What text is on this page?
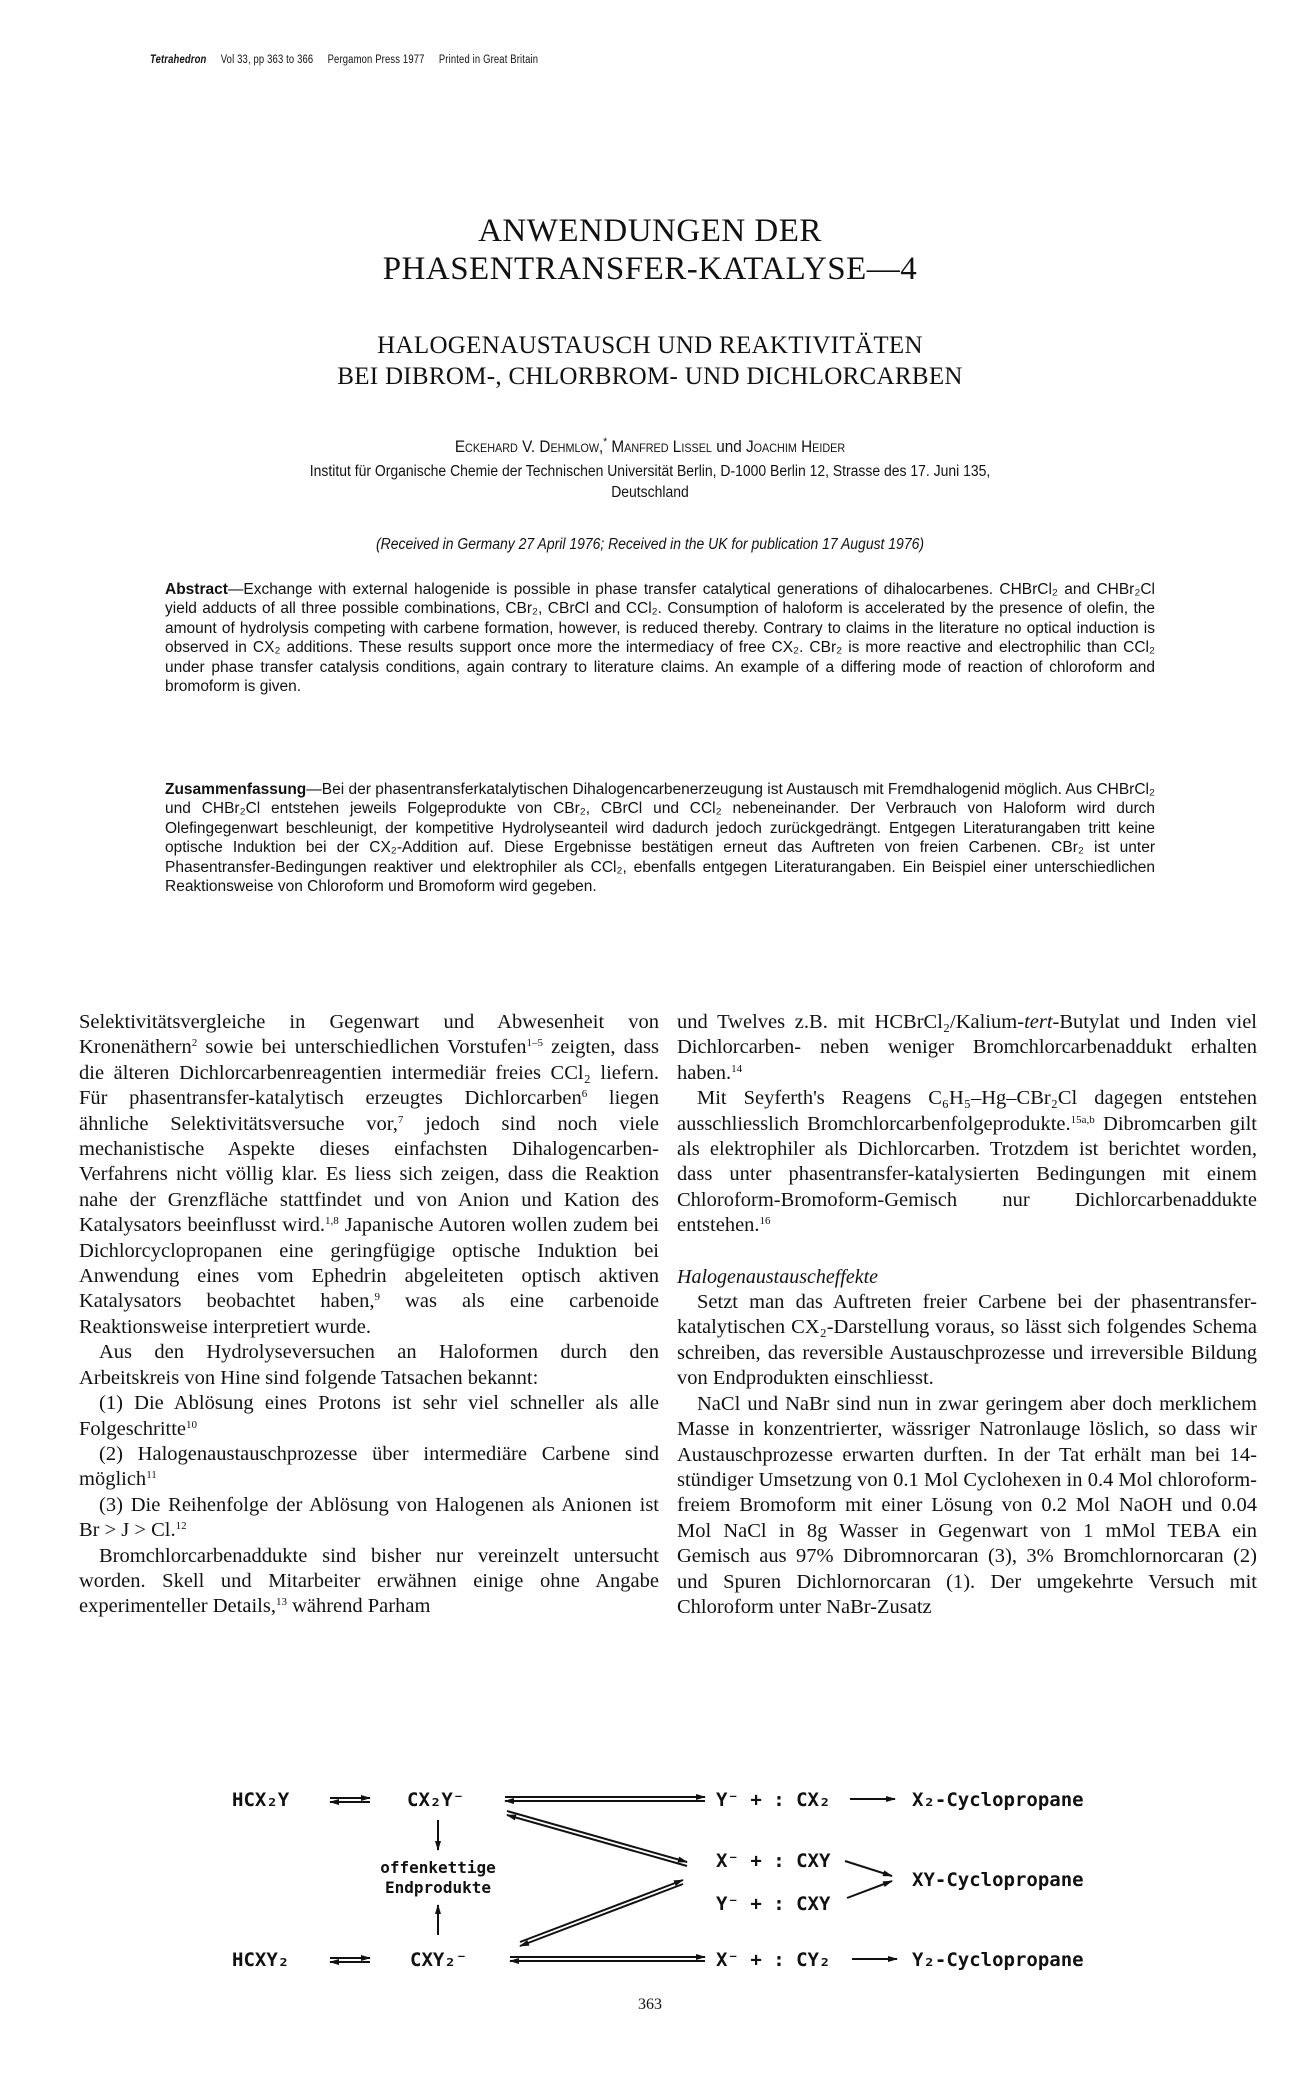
Tetrahedron Vol 33, pp 363 to 366 Pergamon Press 1977 Printed in Great Britain
ANWENDUNGEN DER
PHASENTRANSFER-KATALYSE—4
HALOGENAUSTAUSCH UND REAKTIVITÄTEN
BEI DIBROM-, CHLORBROM- UND DICHLORCARBEN
Eckehard V. Dehmlow,* Manfred Lissel und Joachim Heider
Institut für Organische Chemie der Technischen Universität Berlin, D-1000 Berlin 12, Strasse des 17. Juni 135,
Deutschland
(Received in Germany 27 April 1976; Received in the UK for publication 17 August 1976)
Abstract—Exchange with external halogenide is possible in phase transfer catalytical generations of dihalocarbenes. CHBrCl₂ and CHBr₂Cl yield adducts of all three possible combinations, CBr₂, CBrCl and CCl₂. Consumption of haloform is accelerated by the presence of olefin, the amount of hydrolysis competing with carbene formation, however, is reduced thereby. Contrary to claims in the literature no optical induction is observed in CX₂ additions. These results support once more the intermediacy of free CX₂. CBr₂ is more reactive and electrophilic than CCl₂ under phase transfer catalysis conditions, again contrary to literature claims. An example of a differing mode of reaction of chloroform and bromoform is given.
Zusammenfassung—Bei der phasentransferkatalytischen Dihalogencarbenerzeugung ist Austausch mit Fremdhalogenid möglich. Aus CHBrCl₂ und CHBr₂Cl entstehen jeweils Folgeprodukte von CBr₂, CBrCl und CCl₂ nebeneinander. Der Verbrauch von Haloform wird durch Olefingegenwart beschleunigt, der kompetitive Hydrolyseanteil wird dadurch jedoch zurückgedrängt. Entgegen Literaturangaben tritt keine optische Induktion bei der CX₂-Addition auf. Diese Ergebnisse bestätigen erneut das Auftreten von freien Carbenen. CBr₂ ist unter Phasentransfer-Bedingungen reaktiver und elektrophiler als CCl₂, ebenfalls entgegen Literaturangaben. Ein Beispiel einer unterschiedlichen Reaktionsweise von Chloroform und Bromoform wird gegeben.

Selektivitätsvergleiche in Gegenwart und Abwesenheit von Kronenäthern$^2$ sowie bei unterschiedlichen Vorstufen$^{1-5}$ zeigten, dass die älteren Dichlorcarbenreagentien intermediär freies CCl₂ liefern. Für phasentransfer-katalytisch erzeugtes Dichlorcarben$^6$ liegen ähnliche Selektivitätsversuche vor,$^7$ jedoch sind noch viele mechanistische Aspekte dieses einfachsten Dihalogencarben-Verfahrens nicht völlig klar. Es liess sich zeigen, dass die Reaktion nahe der Grenzfläche stattfindet und von Anion und Kation des Katalysators beeinflusst wird.$^{1,8}$ Japanische Autoren wollen zudem bei Dichlorcyclopropanen eine geringfügige optische Induktion bei Anwendung eines vom Ephedrin abgeleiteten optisch aktiven Katalysators beobachtet haben,$^9$ was als eine carbenoide Reaktionsweise interpretiert wurde.

Aus den Hydrolyseversuchen an Haloformen durch den Arbeitskreis von Hine sind folgende Tatsachen bekannt:

(1) Die Ablösung eines Protons ist sehr viel schneller als alle Folgeschritte$^{10}$

(2) Halogenaustauschprozesse über intermediäre Carbene sind möglich$^{11}$

(3) Die Reihenfolge der Ablösung von Halogenen als Anionen ist Br > J > Cl.$^{12}$

Bromchlorcarbenaddukte sind bisher nur vereinzelt untersucht worden. Skell und Mitarbeiter erwähnen einige ohne Angabe experimenteller Details,$^{13}$ während Parham

und Twelves z.B. mit HCBrCl₂/Kalium-tert-Butylat und Inden viel Dichlorcarben- neben weniger Bromchlorcarbenaddukt erhalten haben.$^{14}$

Mit Seyferth's Reagens C₆H₅–Hg–CBr₂Cl dagegen entstehen ausschliesslich Bromchlorcarbenfolgeprodukte.$^{15a,b}$ Dibromcarben gilt als elektrophiler als Dichlorcarben. Trotzdem ist berichtet worden, dass unter phasentransfer-katalysierten Bedingungen mit einem Chloroform-Bromoform-Gemisch nur Dichlorcarbenaddukte entstehen.$^{16}$

Halogenaustauscheffekte

Setzt man das Auftreten freier Carbene bei der phasentransfer-katalytischen CX₂-Darstellung voraus, so lässt sich folgendes Schema schreiben, das reversible Austauschprozesse und irreversible Bildung von Endprodukten einschliesst.

NaCl und NaBr sind nun in zwar geringem aber doch merklichem Masse in konzentrierter, wässriger Natronlauge löslich, so dass wir Austauschprozesse erwarten durften. In der Tat erhält man bei 14-stündiger Umsetzung von 0.1 Mol Cyclohexen in 0.4 Mol chloroform-freiem Bromoform mit einer Lösung von 0.2 Mol NaOH und 0.04 Mol NaCl in 8g Wasser in Gegenwart von 1 mMol TEBA ein Gemisch aus 97% Dibromnorcaran (3), 3% Bromchlornorcaran (2) und Spuren Dichlornorcaran (1). Der umgekehrte Versuch mit Chloroform unter NaBr-Zusatz

HCX₂Y	CX₂Y⁻
HCXY₂	CXY₂⁻
Y⁻ + : CX₂
X⁻ + : CXY
Y⁻ + : CXY
X⁻ + : CY₂
X₂-Cyclopropane
XY-Cyclopropane
Y₂-Cyclopropane
offenkettige
Endprodukte
363
